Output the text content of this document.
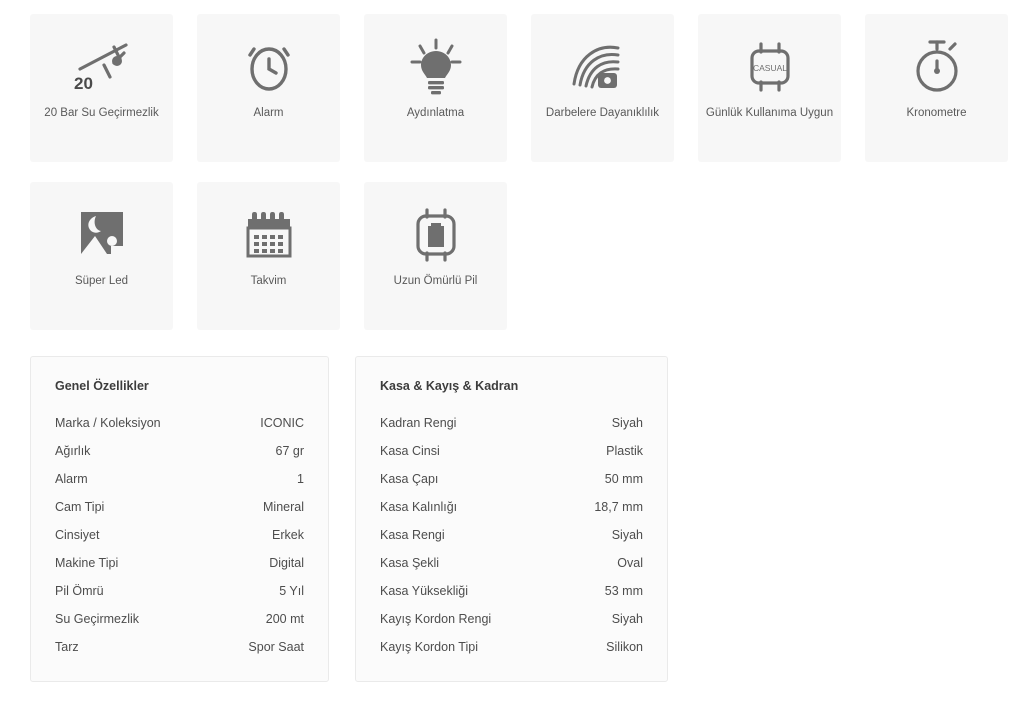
20
20 Bar Su Geçirmezlik	Alarm	Aydınlatma	Darbelere Dayanıklılık
CASUAL
Günlük Kullanıma Uygun	Kronometre
Süper Led	Takvim	Uzun Ömürlü Pil
Genel Özellikler
Marka / Koleksiyon	ICONIC
Ağırlık	67 gr
Alarm	1
Cam Tipi	Mineral
Cinsiyet	Erkek
Makine Tipi	Digital
Pil Ömrü	5 Yıl
Su Geçirmezlik	200 mt
Tarz	Spor Saat
Kasa & Kayış & Kadran
Kadran Rengi	Siyah
Kasa Cinsi	Plastik
Kasa Çapı	50 mm
Kasa Kalınlığı	18,7 mm
Kasa Rengi	Siyah
Kasa Şekli	Oval
Kasa Yüksekliği	53 mm
Kayış Kordon Rengi	Siyah
Kayış Kordon Tipi	Silikon
